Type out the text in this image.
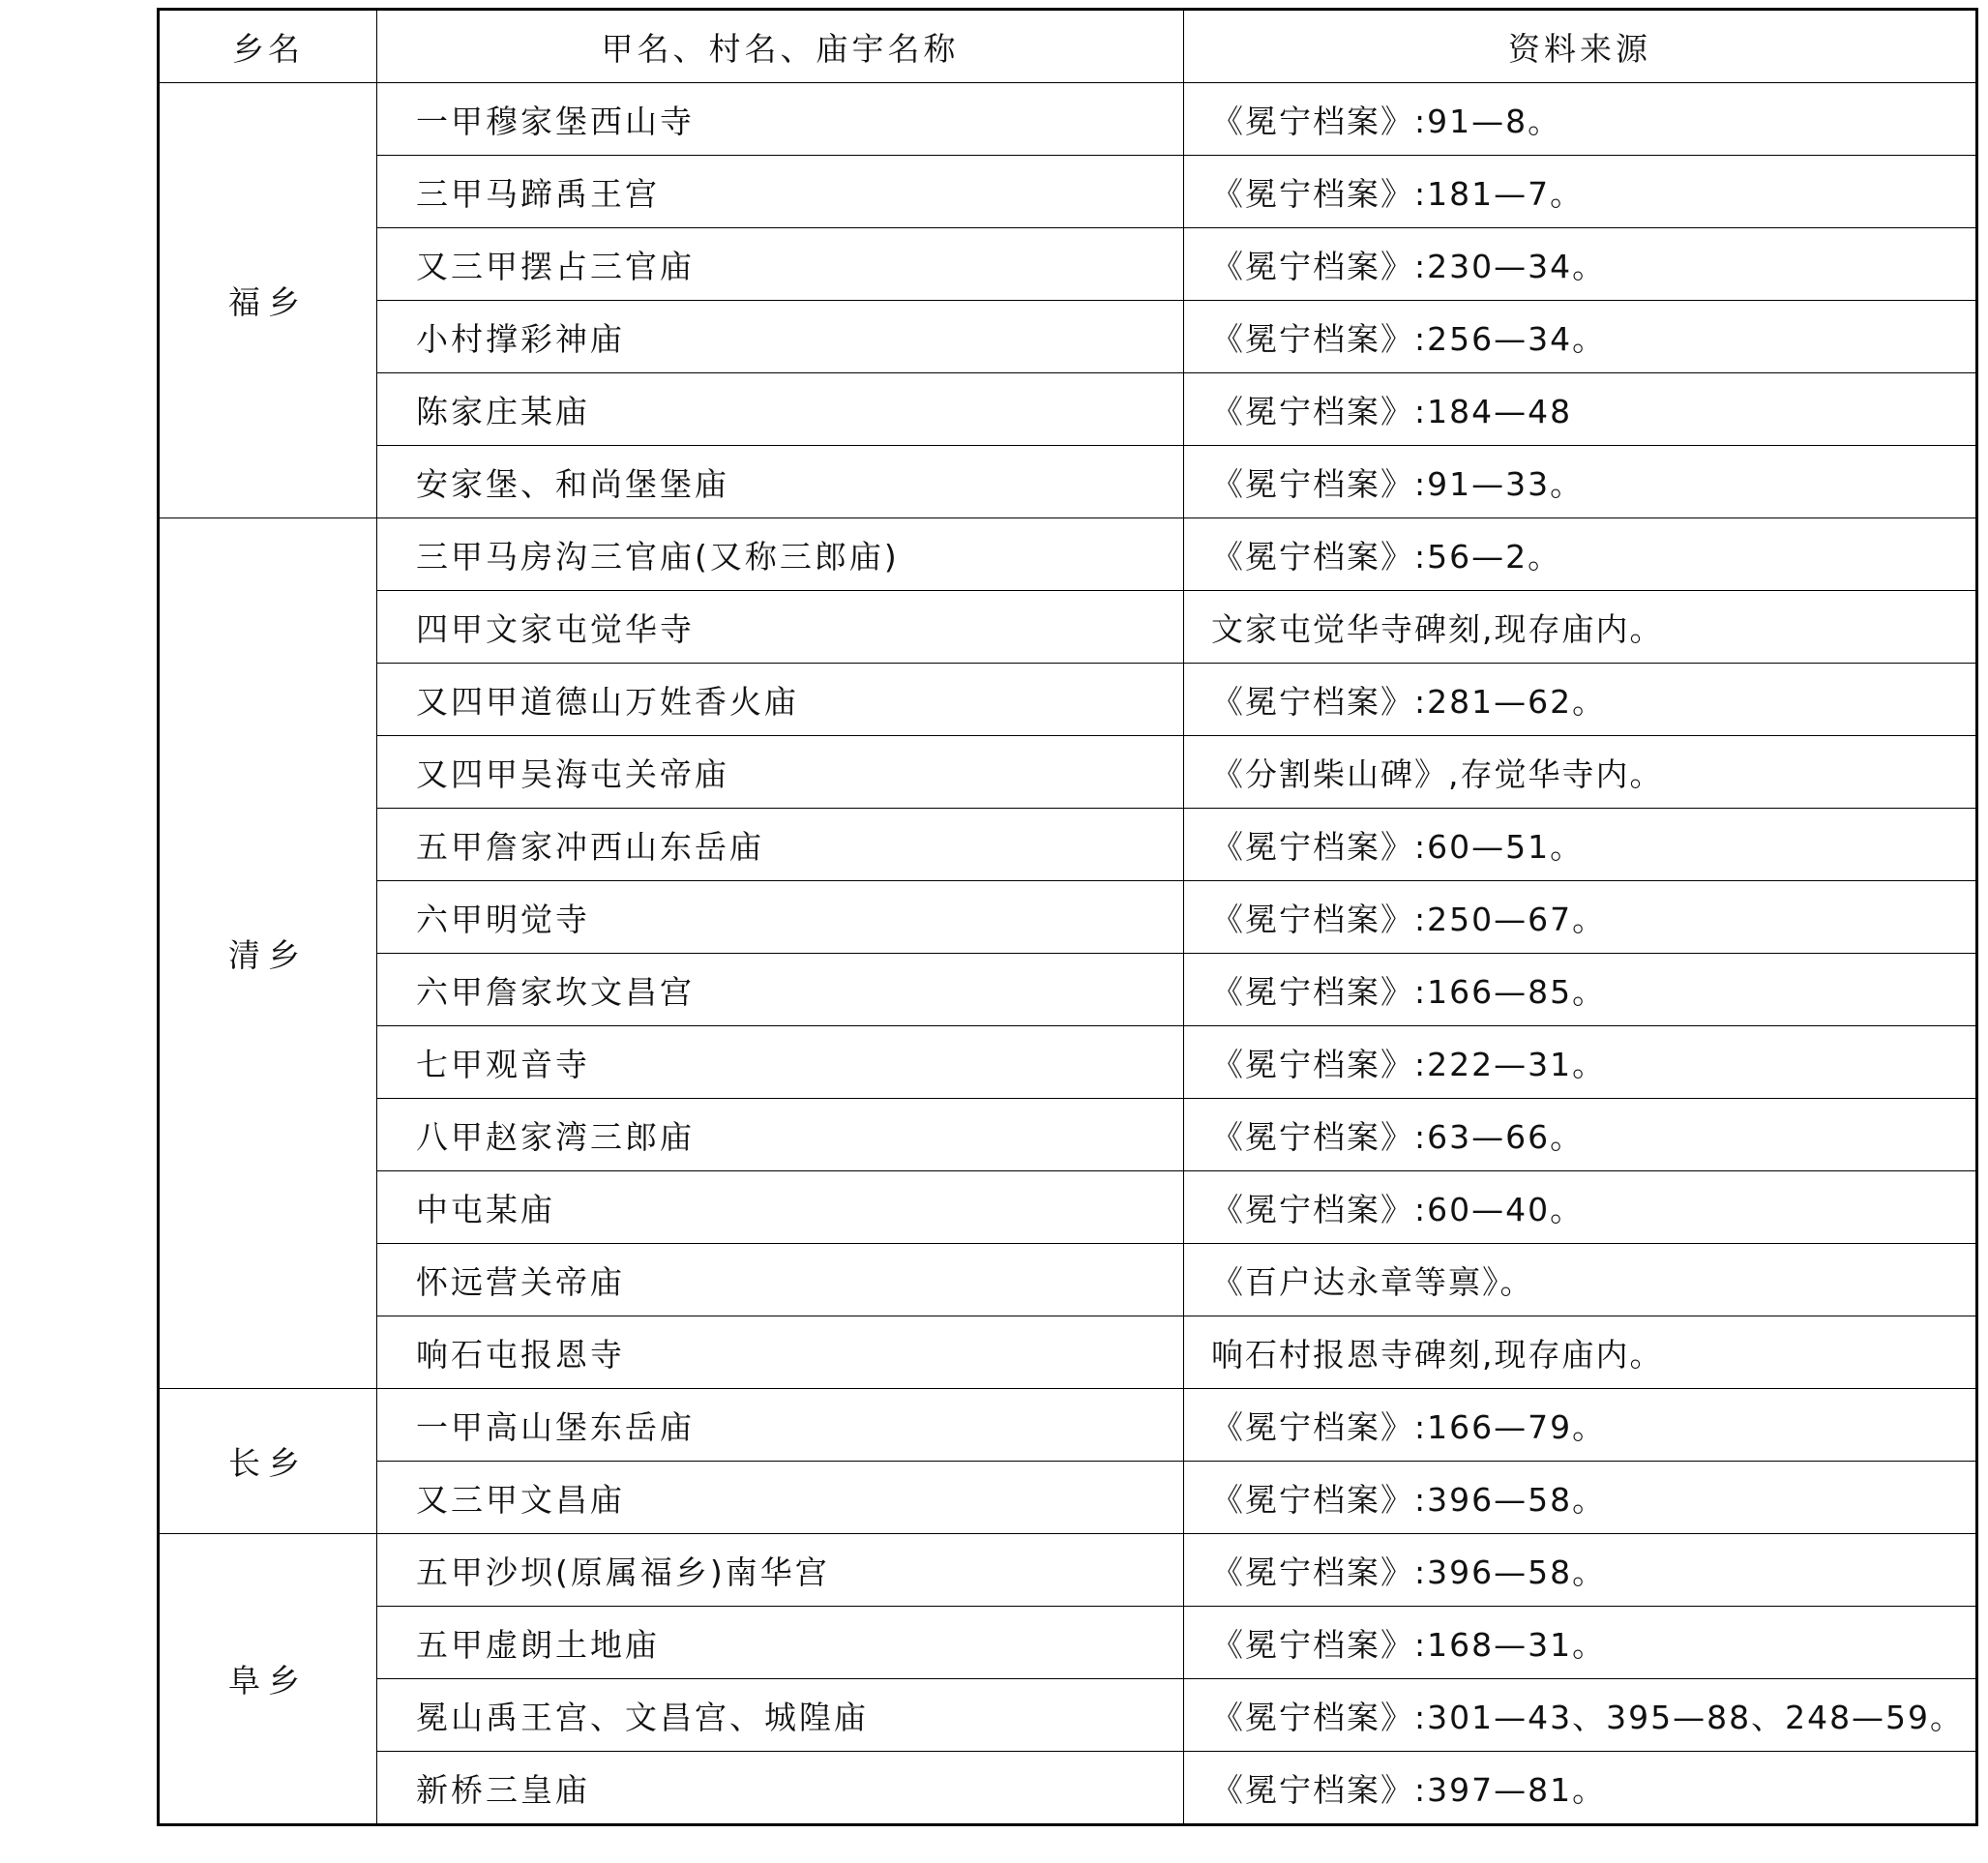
乡名	甲名、村名、庙宇名称	资料来源
福乡	一甲穆家堡西山寺	《冕宁档案》:91—8。
	三甲马蹄禹王宫	《冕宁档案》:181—7。
	又三甲摆占三官庙	《冕宁档案》:230—34。
	小村撑彩神庙	《冕宁档案》:256—34。
	陈家庄某庙	《冕宁档案》:184—48
	安家堡、和尚堡堡庙	《冕宁档案》:91—33。
清乡	三甲马房沟三官庙(又称三郎庙)	《冕宁档案》:56—2。
	四甲文家屯觉华寺	文家屯觉华寺碑刻,现存庙内。
	又四甲道德山万姓香火庙	《冕宁档案》:281—62。
	又四甲吴海屯关帝庙	《分割柴山碑》,存觉华寺内。
	五甲詹家冲西山东岳庙	《冕宁档案》:60—51。
	六甲明觉寺	《冕宁档案》:250—67。
	六甲詹家坎文昌宫	《冕宁档案》:166—85。
	七甲观音寺	《冕宁档案》:222—31。
	八甲赵家湾三郎庙	《冕宁档案》:63—66。
	中屯某庙	《冕宁档案》:60—40。
	怀远营关帝庙	《百户达永章等禀》。
	响石屯报恩寺	响石村报恩寺碑刻,现存庙内。
长乡	一甲高山堡东岳庙	《冕宁档案》:166—79。
	又三甲文昌庙	《冕宁档案》:396—58。
阜乡	五甲沙坝(原属福乡)南华宫	《冕宁档案》:396—58。
	五甲虚朗土地庙	《冕宁档案》:168—31。
	冕山禹王宫、文昌宫、城隍庙	《冕宁档案》:301—43、395—88、248—59。
	新桥三皇庙	《冕宁档案》:397—81。
